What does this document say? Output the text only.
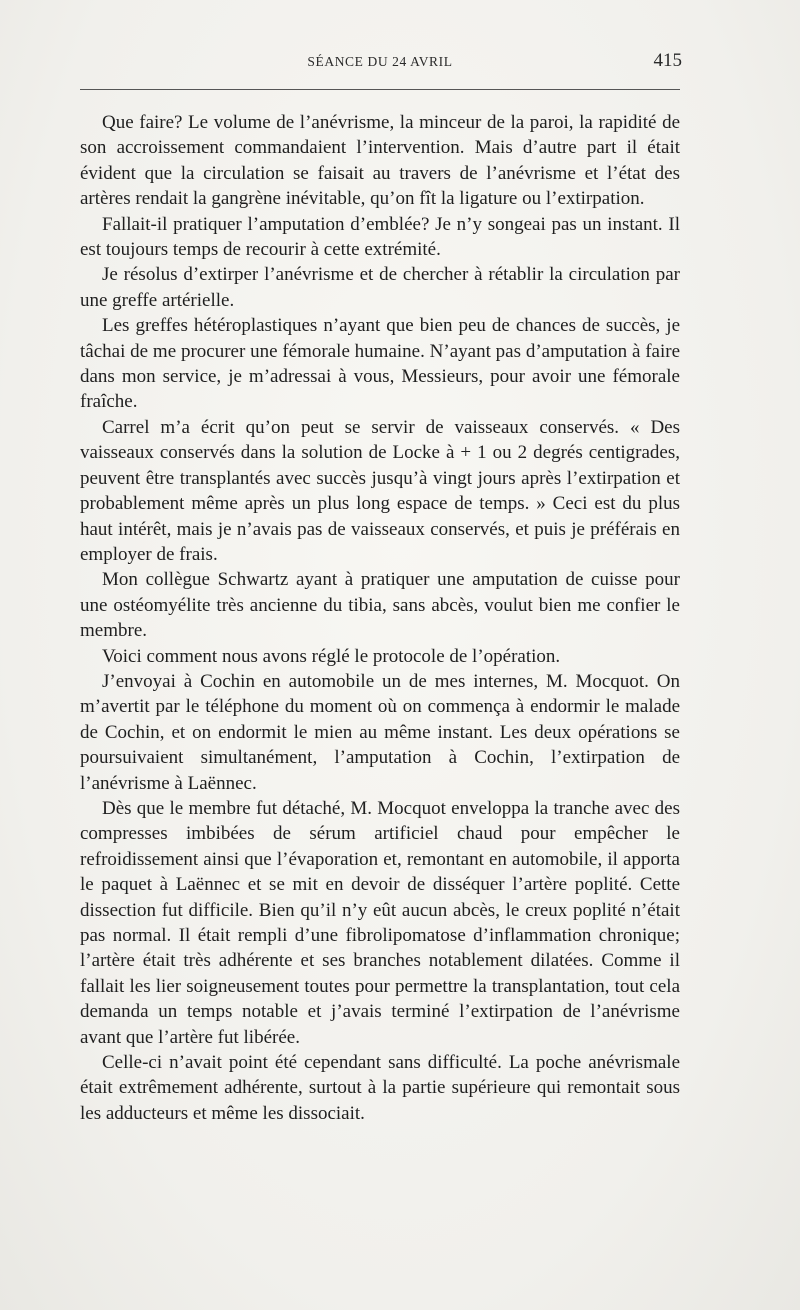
SÉANCE DU 24 AVRIL	415

Que faire? Le volume de l’anévrisme, la minceur de la paroi, la rapidité de son accroissement commandaient l’intervention. Mais d’autre part il était évident que la circulation se faisait au travers de l’anévrisme et l’état des artères rendait la gangrène inévitable, qu’on fît la ligature ou l’extirpation.

Fallait-il pratiquer l’amputation d’emblée? Je n’y songeai pas un instant. Il est toujours temps de recourir à cette extrémité.

Je résolus d’extirper l’anévrisme et de chercher à rétablir la circulation par une greffe artérielle.

Les greffes hétéroplastiques n’ayant que bien peu de chances de succès, je tâchai de me procurer une fémorale humaine. N’ayant pas d’amputation à faire dans mon service, je m’adressai à vous, Messieurs, pour avoir une fémorale fraîche.

Carrel m’a écrit qu’on peut se servir de vaisseaux conservés. « Des vaisseaux conservés dans la solution de Locke à + 1 ou 2 degrés centigrades, peuvent être transplantés avec succès jusqu’à vingt jours après l’extirpation et probablement même après un plus long espace de temps. » Ceci est du plus haut intérêt, mais je n’avais pas de vaisseaux conservés, et puis je préférais en employer de frais.

Mon collègue Schwartz ayant à pratiquer une amputation de cuisse pour une ostéomyélite très ancienne du tibia, sans abcès, voulut bien me confier le membre.

Voici comment nous avons réglé le protocole de l’opération.

J’envoyai à Cochin en automobile un de mes internes, M. Mocquot. On m’avertit par le téléphone du moment où on commença à endormir le malade de Cochin, et on endormit le mien au même instant. Les deux opérations se poursuivaient simultanément, l’amputation à Cochin, l’extirpation de l’anévrisme à Laënnec.

Dès que le membre fut détaché, M. Mocquot enveloppa la tranche avec des compresses imbibées de sérum artificiel chaud pour empêcher le refroidissement ainsi que l’évaporation et, remontant en automobile, il apporta le paquet à Laënnec et se mit en devoir de disséquer l’artère poplité. Cette dissection fut difficile. Bien qu’il n’y eût aucun abcès, le creux poplité n’était pas normal. Il était rempli d’une fibrolipomatose d’inflammation chronique; l’artère était très adhérente et ses branches notablement dilatées. Comme il fallait les lier soigneusement toutes pour permettre la transplantation, tout cela demanda un temps notable et j’avais terminé l’extirpation de l’anévrisme avant que l’artère fut libérée.

Celle-ci n’avait point été cependant sans difficulté. La poche anévrismale était extrêmement adhérente, surtout à la partie supérieure qui remontait sous les adducteurs et même les dissociait.
